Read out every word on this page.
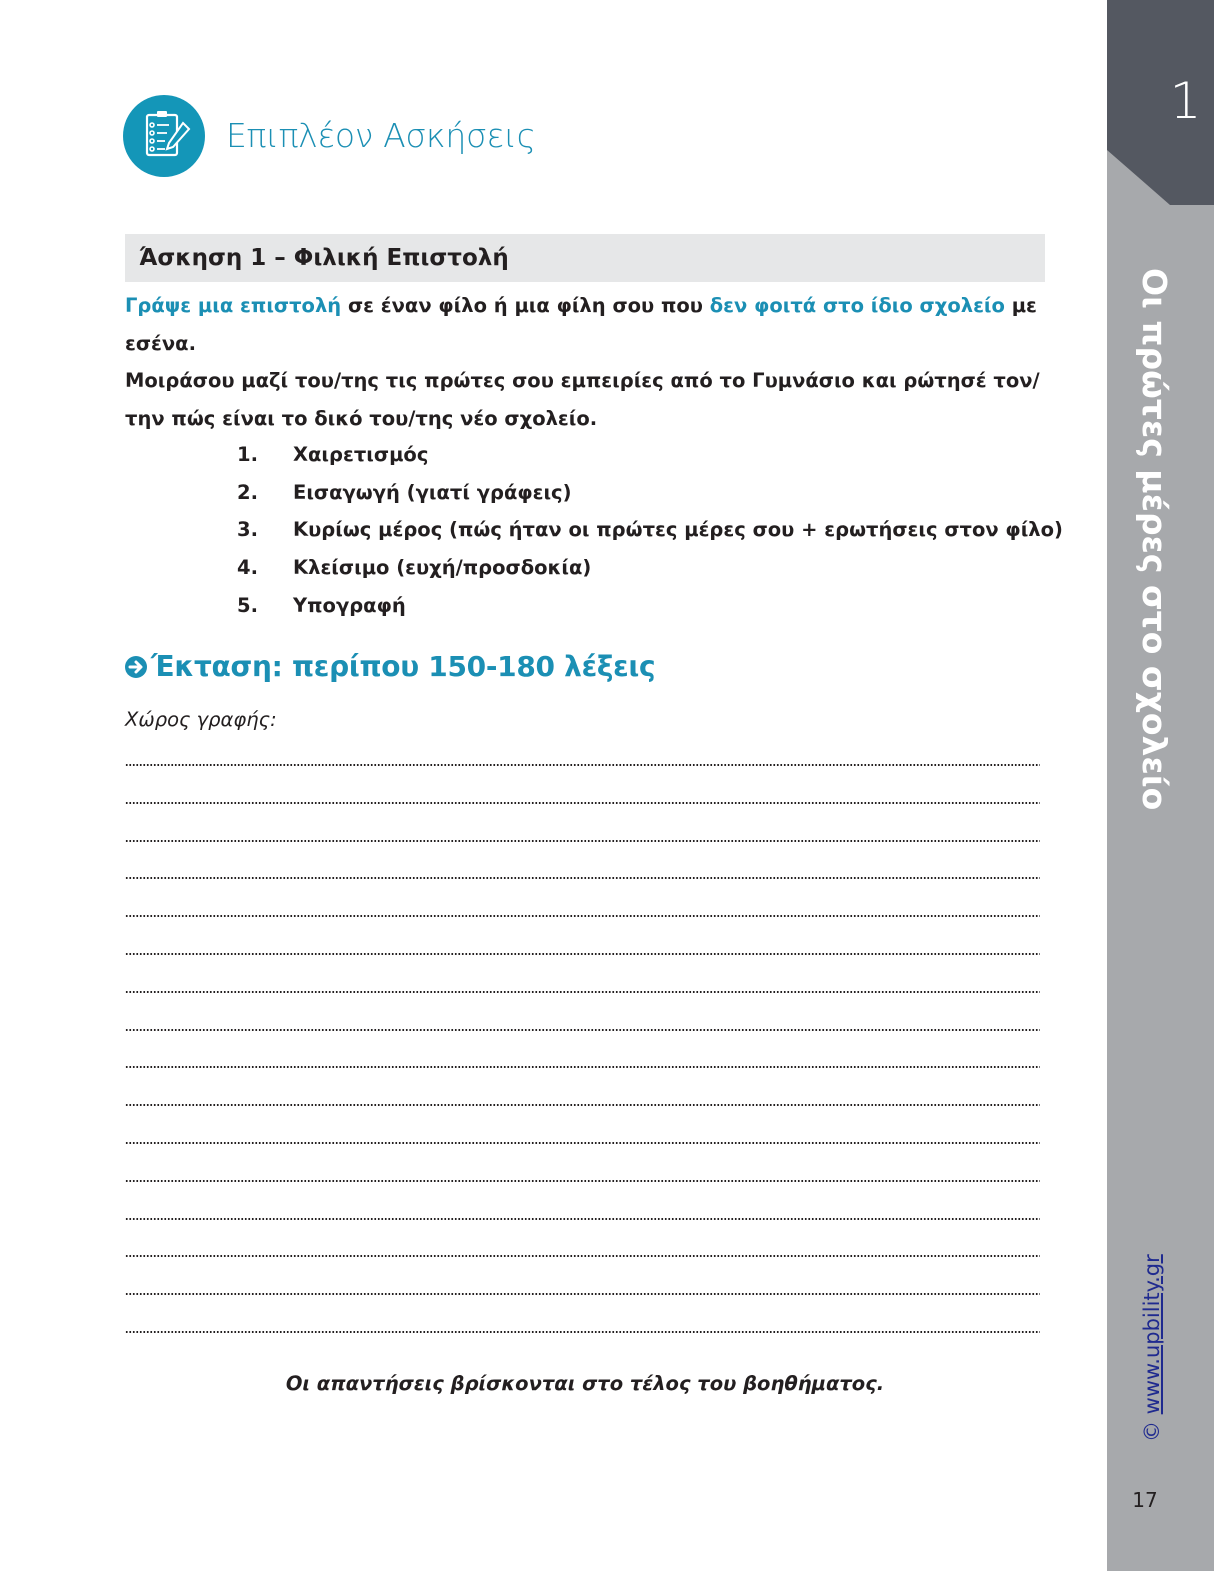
1
Οι πρώτες μέρες στο σχολείο
© www.upbility.gr
17
Επιπλέον Ασκήσεις
Άσκηση 1 – Φιλική Επιστολή
Γράψε μια επιστολή σε έναν φίλο ή μια φίλη σου που δεν φοιτά στο ίδιο σχολείο με εσένα.
Μοιράσου μαζί του/της τις πρώτες σου εμπειρίες από το Γυμνάσιο και ρώτησέ τον/την πώς είναι το δικό του/της νέο σχολείο.
1. Χαιρετισμός
2. Εισαγωγή (γιατί γράφεις)
3. Κυρίως μέρος (πώς ήταν οι πρώτες μέρες σου + ερωτήσεις στον φίλο)
4. Κλείσιμο (ευχή/προσδοκία)
5. Υπογραφή
Έκταση: περίπου 150-180 λέξεις
Χώρος γραφής:
Οι απαντήσεις βρίσκονται στο τέλος του βοηθήματος.
